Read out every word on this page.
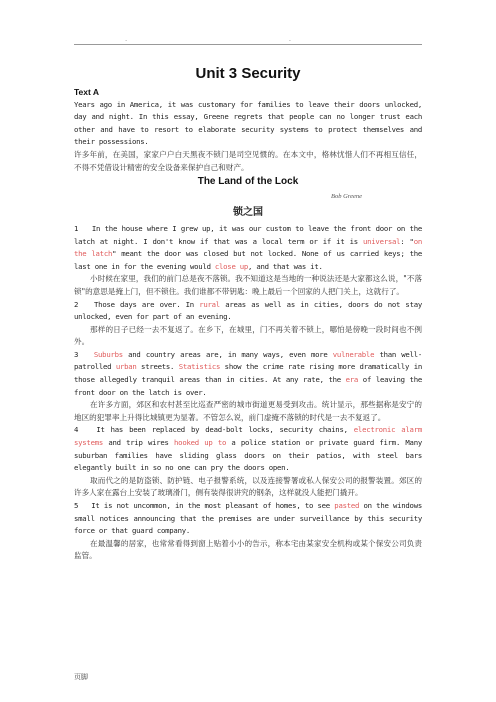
. .
Unit 3 Security

Text A

Years ago in America, it was customary for families to leave their doors unlocked, day and night. In this essay, Greene regrets that people can no longer trust each other and have to resort to elaborate security systems to protect themselves and their possessions.

许多年前，在美国，家家户户白天黑夜不锁门是司空见惯的。在本文中，格林忧惜人们不再相互信任，不得不凭借设计精密的安全设备来保护自己和财产。

The Land of the Lock
Bob Greene
锁之国

1 In the house where I grew up, it was our custom to leave the front door on the latch at night. I don't know if that was a local term or if it is universal: "on the latch" meant the door was closed but not locked. None of us carried keys; the last one in for the evening would close up, and that was it.

小时候在家里，我们的前门总是夜不落锁。我不知道这是当地的一种说法还是大家都这么说，"不落锁"的意思是掩上门，但不锁住。我们谁都不带钥匙：晚上最后一个回家的人把门关上，这就行了。

2 Those days are over. In rural areas as well as in cities, doors do not stay unlocked, even for part of an evening.

那样的日子已经一去不复返了。在乡下，在城里，门不再关着不锁上，哪怕是傍晚一段时间也不例外。

3 Suburbs and country areas are, in many ways, even more vulnerable than well-patrolled urban streets. Statistics show the crime rate rising more dramatically in those allegedly tranquil areas than in cities. At any rate, the era of leaving the front door on the latch is over.

在许多方面，郊区和农村甚至比巡查严密的城市街道更易受到攻击。统计显示，那些据称是安宁的地区的犯罪率上升得比城镇更为显著。不管怎么说，前门虚掩不落锁的时代是一去不复返了。

4 It has been replaced by dead-bolt locks, security chains, electronic alarm systems and trip wires hooked up to a police station or private guard firm. Many suburban families have sliding glass doors on their patios, with steel bars elegantly built in so no one can pry the doors open.

取而代之的是防盗锁、防护链、电子报警系统，以及连接警署或私人保安公司的报警装置。郊区的许多人家在露台上安装了玻璃滑门，侧有装得很讲究的钢条，这样就没人能把门撬开。

5 It is not uncommon, in the most pleasant of homes, to see pasted on the windows small notices announcing that the premises are under surveillance by this security force or that guard company.

在最温馨的居家，也常常看得到窗上贴着小小的告示，称本宅由某家安全机构或某个保安公司负责监管。

页脚
